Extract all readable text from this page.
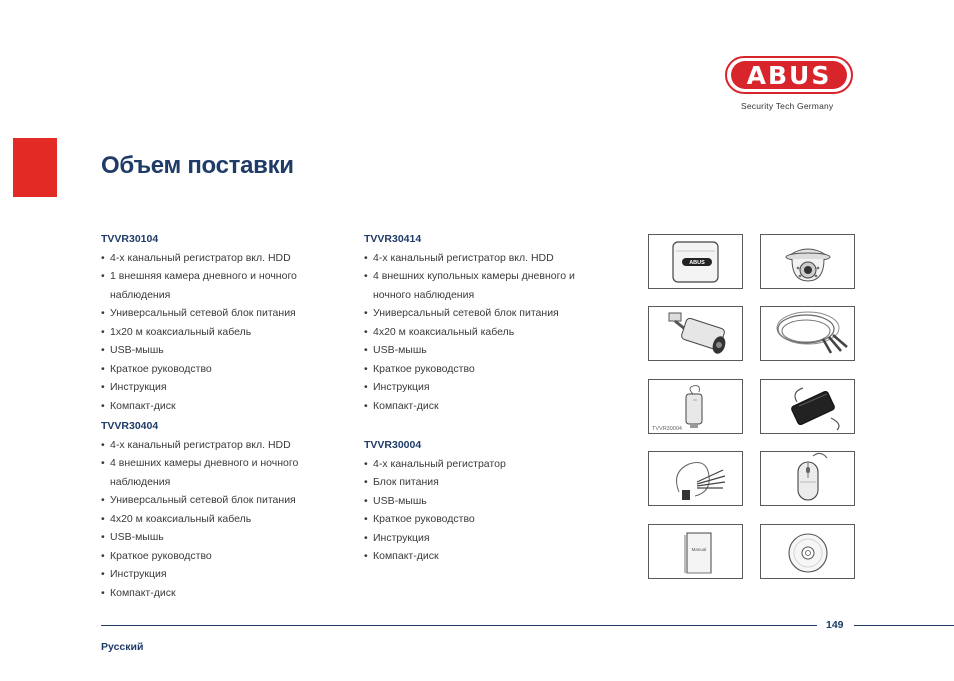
ABUS
Security Tech Germany
Объем поставки
TVVR30104
• 4-х канальный регистратор вкл. HDD
• 1 внешняя камера дневного и ночного наблюдения
• Универсальный сетевой блок питания
• 1x20 м коаксиальный кабель
• USB-мышь
• Краткое руководство
• Инструкция
• Компакт-диск
TVVR30404
• 4-х канальный регистратор вкл. HDD
• 4 внешних камеры дневного и ночного наблюдения
• Универсальный сетевой блок питания
• 4x20 м коаксиальный кабель
• USB-мышь
• Краткое руководство
• Инструкция
• Компакт-диск
TVVR30414
• 4-х канальный регистратор вкл. HDD
• 4 внешних купольных камеры дневного и ночного наблюдения
• Универсальный сетевой блок питания
• 4x20 м коаксиальный кабель
• USB-мышь
• Краткое руководство
• Инструкция
• Компакт-диск
TVVR30004
• 4-х канальный регистратор
• Блок питания
• USB-мышь
• Краткое руководство
• Инструкция
• Компакт-диск
ABUS
TVVR30004
Manual
149
Русский
